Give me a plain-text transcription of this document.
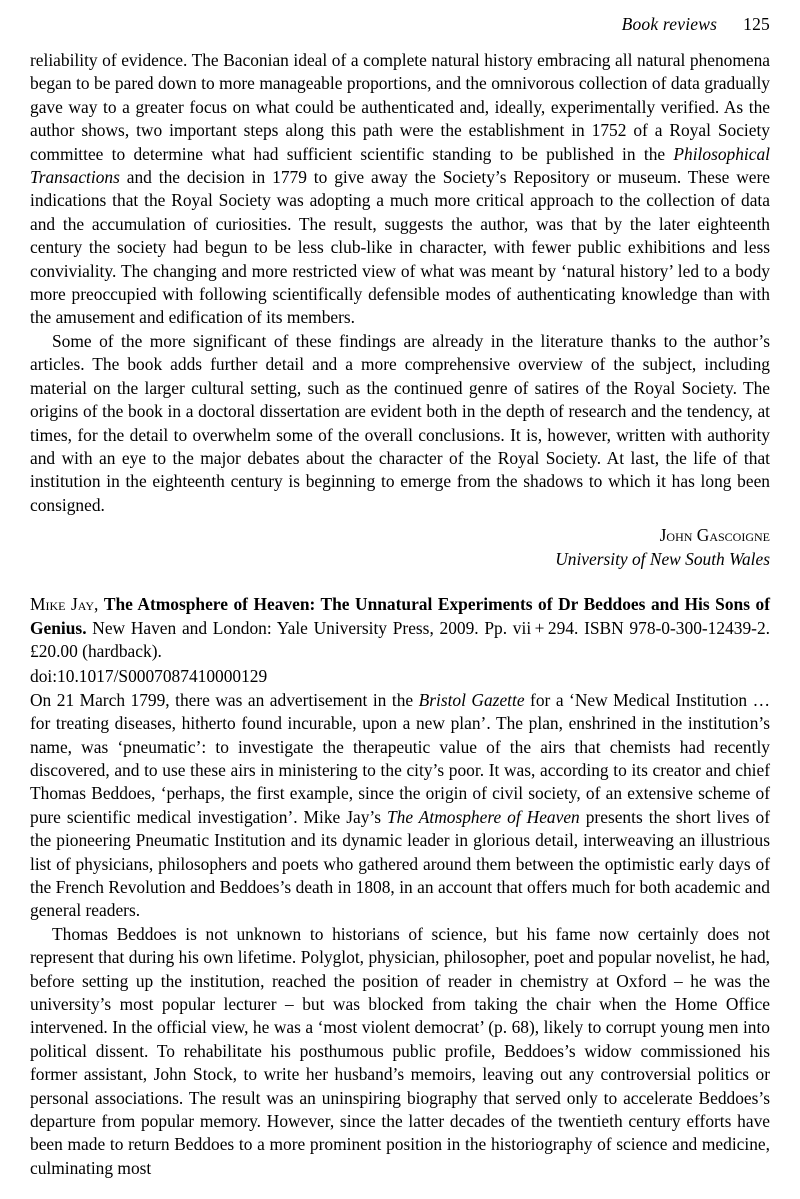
Book reviews 125

reliability of evidence. The Baconian ideal of a complete natural history embracing all natural phenomena began to be pared down to more manageable proportions, and the omnivorous collection of data gradually gave way to a greater focus on what could be authenticated and, ideally, experimentally verified. As the author shows, two important steps along this path were the establishment in 1752 of a Royal Society committee to determine what had sufficient scientific standing to be published in the Philosophical Transactions and the decision in 1779 to give away the Society’s Repository or museum. These were indications that the Royal Society was adopting a much more critical approach to the collection of data and the accumulation of curiosities. The result, suggests the author, was that by the later eighteenth century the society had begun to be less club-like in character, with fewer public exhibitions and less conviviality. The changing and more restricted view of what was meant by ‘natural history’ led to a body more preoccupied with following scientifically defensible modes of authenticating knowledge than with the amusement and edification of its members.

Some of the more significant of these findings are already in the literature thanks to the author’s articles. The book adds further detail and a more comprehensive overview of the subject, including material on the larger cultural setting, such as the continued genre of satires of the Royal Society. The origins of the book in a doctoral dissertation are evident both in the depth of research and the tendency, at times, for the detail to overwhelm some of the overall conclusions. It is, however, written with authority and with an eye to the major debates about the character of the Royal Society. At last, the life of that institution in the eighteenth century is beginning to emerge from the shadows to which it has long been consigned.

John Gascoigne
University of New South Wales
Mike Jay, The Atmosphere of Heaven: The Unnatural Experiments of Dr Beddoes and His Sons of Genius. New Haven and London: Yale University Press, 2009. Pp. vii + 294. ISBN 978-0-300-12439-2. £20.00 (hardback).
doi:10.1017/S0007087410000129

On 21 March 1799, there was an advertisement in the Bristol Gazette for a ‘New Medical Institution … for treating diseases, hitherto found incurable, upon a new plan’. The plan, enshrined in the institution’s name, was ‘pneumatic’: to investigate the therapeutic value of the airs that chemists had recently discovered, and to use these airs in ministering to the city’s poor. It was, according to its creator and chief Thomas Beddoes, ‘perhaps, the first example, since the origin of civil society, of an extensive scheme of pure scientific medical investigation’. Mike Jay’s The Atmosphere of Heaven presents the short lives of the pioneering Pneumatic Institution and its dynamic leader in glorious detail, interweaving an illustrious list of physicians, philosophers and poets who gathered around them between the optimistic early days of the French Revolution and Beddoes’s death in 1808, in an account that offers much for both academic and general readers.

Thomas Beddoes is not unknown to historians of science, but his fame now certainly does not represent that during his own lifetime. Polyglot, physician, philosopher, poet and popular novelist, he had, before setting up the institution, reached the position of reader in chemistry at Oxford – he was the university’s most popular lecturer – but was blocked from taking the chair when the Home Office intervened. In the official view, he was a ‘most violent democrat’ (p. 68), likely to corrupt young men into political dissent. To rehabilitate his posthumous public profile, Beddoes’s widow commissioned his former assistant, John Stock, to write her husband’s memoirs, leaving out any controversial politics or personal associations. The result was an uninspiring biography that served only to accelerate Beddoes’s departure from popular memory. However, since the latter decades of the twentieth century efforts have been made to return Beddoes to a more prominent position in the historiography of science and medicine, culminating most
